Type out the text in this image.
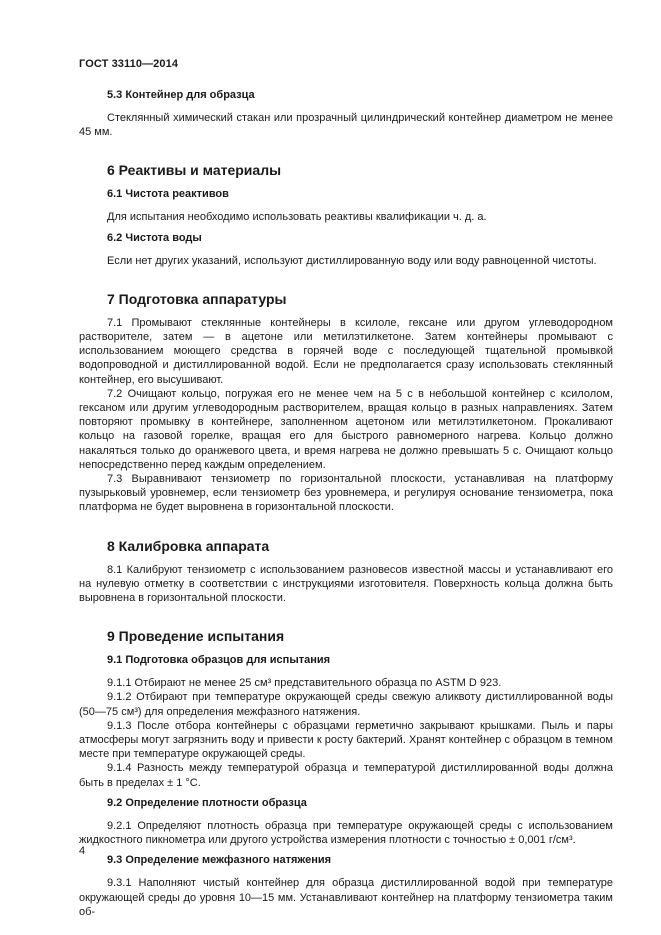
ГОСТ 33110—2014
5.3 Контейнер для образца

Стеклянный химический стакан или прозрачный цилиндрический контейнер диаметром не менее 45 мм.

6 Реактивы и материалы
6.1 Чистота реактивов

Для испытания необходимо использовать реактивы квалификации ч. д. а.

6.2 Чистота воды

Если нет других указаний, используют дистиллированную воду или воду равноценной чистоты.

7 Подготовка аппаратуры

7.1 Промывают стеклянные контейнеры в ксилоле, гексане или другом углеводородном растворителе, затем — в ацетоне или метилэтилкетоне. Затем контейнеры промывают с использованием моющего средства в горячей воде с последующей тщательной промывкой водопроводной и дистиллированной водой. Если не предполагается сразу использовать стеклянный контейнер, его высушивают.

7.2 Очищают кольцо, погружая его не менее чем на 5 с в небольшой контейнер с ксилолом, гексаном или другим углеводородным растворителем, вращая кольцо в разных направлениях. Затем повторяют промывку в контейнере, заполненном ацетоном или метилэтилкетоном. Прокаливают кольцо на газовой горелке, вращая его для быстрого равномерного нагрева. Кольцо должно накаляться только до оранжевого цвета, и время нагрева не должно превышать 5 с. Очищают кольцо непосредственно перед каждым определением.

7.3 Выравнивают тензиометр по горизонтальной плоскости, устанавливая на платформу пузырьковый уровнемер, если тензиометр без уровнемера, и регулируя основание тензиометра, пока платформа не будет выровнена в горизонтальной плоскости.

8 Калибровка аппарата

8.1 Калибруют тензиометр с использованием разновесов известной массы и устанавливают его на нулевую отметку в соответствии с инструкциями изготовителя. Поверхность кольца должна быть выровнена в горизонтальной плоскости.

9 Проведение испытания
9.1 Подготовка образцов для испытания

9.1.1 Отбирают не менее 25 см³ представительного образца по ASTM D 923.

9.1.2 Отбирают при температуре окружающей среды свежую аликвоту дистиллированной воды (50—75 см³) для определения межфазного натяжения.

9.1.3 После отбора контейнеры с образцами герметично закрывают крышками. Пыль и пары атмосферы могут загрязнить воду и привести к росту бактерий. Хранят контейнер с образцом в темном месте при температуре окружающей среды.

9.1.4 Разность между температурой образца и температурой дистиллированной воды должна быть в пределах ± 1 °С.

9.2 Определение плотности образца

9.2.1 Определяют плотность образца при температуре окружающей среды с использованием жидкостного пикнометра или другого устройства измерения плотности с точностью ± 0,001 г/см³.

9.3 Определение межфазного натяжения

9.3.1 Наполняют чистый контейнер для образца дистиллированной водой при температуре окружающей среды до уровня 10—15 мм. Устанавливают контейнер на платформу тензиометра таким об-

4
